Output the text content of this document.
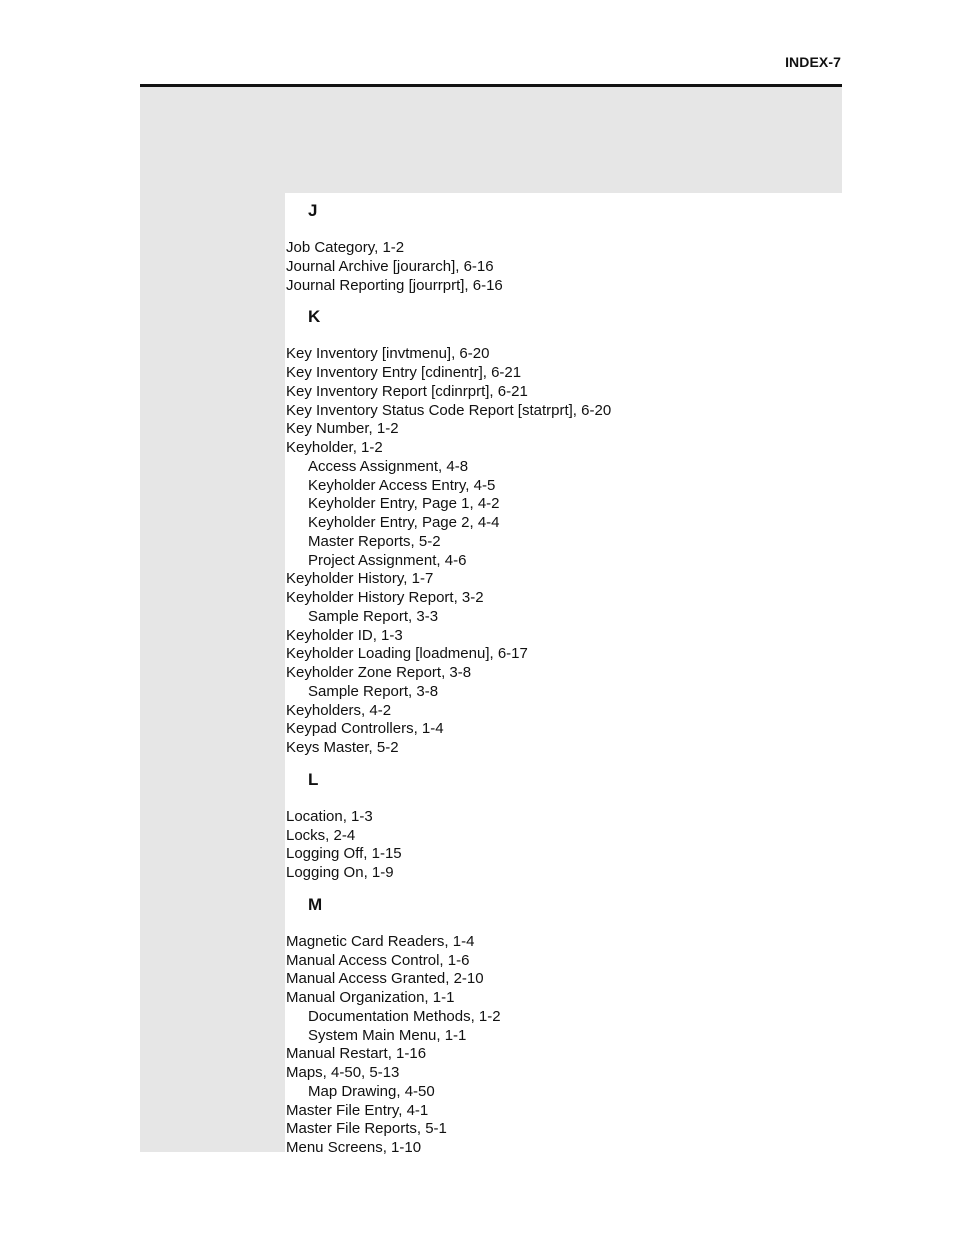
INDEX-7
J
Job Category, 1-2
Journal Archive [jourarch], 6-16
Journal Reporting [jourrprt], 6-16
K
Key Inventory [invtmenu], 6-20
Key Inventory Entry [cdinentr], 6-21
Key Inventory Report [cdinrprt], 6-21
Key Inventory Status Code Report [statrprt], 6-20
Key Number, 1-2
Keyholder, 1-2
Access Assignment, 4-8
Keyholder Access Entry, 4-5
Keyholder Entry, Page 1, 4-2
Keyholder Entry, Page 2, 4-4
Master Reports, 5-2
Project Assignment, 4-6
Keyholder History, 1-7
Keyholder History Report, 3-2
Sample Report, 3-3
Keyholder ID, 1-3
Keyholder Loading [loadmenu], 6-17
Keyholder Zone Report, 3-8
Sample Report, 3-8
Keyholders, 4-2
Keypad Controllers, 1-4
Keys Master, 5-2
L
Location, 1-3
Locks, 2-4
Logging Off, 1-15
Logging On, 1-9
M
Magnetic Card Readers, 1-4
Manual Access Control, 1-6
Manual Access Granted, 2-10
Manual Organization, 1-1
Documentation Methods, 1-2
System Main Menu, 1-1
Manual Restart, 1-16
Maps, 4-50, 5-13
Map Drawing, 4-50
Master File Entry, 4-1
Master File Reports, 5-1
Menu Screens, 1-10
